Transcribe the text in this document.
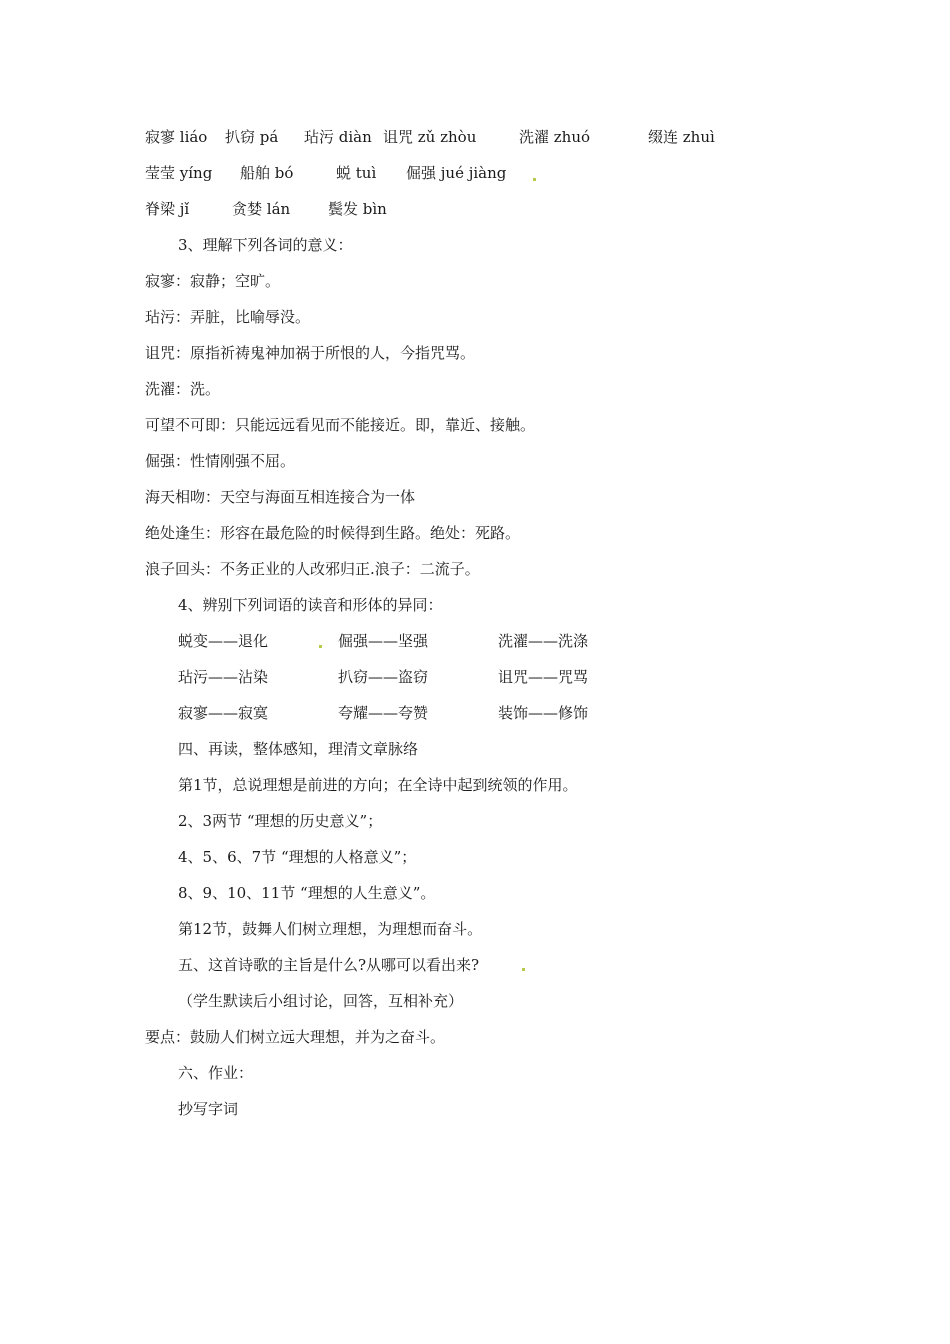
寂寥 liáo 扒窃 pá 玷污 diàn 诅咒 zǔ zhòu	洗濯 zhuó	缀连 zhuì
莹莹 yíng 船舶 bó	蜕 tuì 倔强 jué jiàng
脊梁 jǐ	贪婪 lán	鬓发 bìn
3、理解下列各词的意义：
寂寥：寂静；空旷。
玷污：弄脏，比喻辱没。
诅咒：原指祈祷鬼神加祸于所恨的人，今指咒骂。
洗濯：洗。
可望不可即：只能远远看见而不能接近。即，靠近、接触。
倔强：性情刚强不屈。
海天相吻：天空与海面互相连接合为一体
绝处逢生：形容在最危险的时候得到生路。绝处：死路。
浪子回头：不务正业的人改邪归正.浪子：二流子。
4、辨别下列词语的读音和形体的异同：
蜕变——退化	倔强——坚强	洗濯——洗涤
玷污——沾染	扒窃——盗窃	诅咒——咒骂
寂寥——寂寞	夸耀——夸赞	装饰——修饰
四、再读，整体感知，理清文章脉络
第1节，总说理想是前进的方向；在全诗中起到统领的作用。
2、3两节 “理想的历史意义”；
4、5、6、7节 “理想的人格意义”；
8、9、10、11节 “理想的人生意义”。
第12节，鼓舞人们树立理想，为理想而奋斗。
五、这首诗歌的主旨是什么?从哪可以看出来?
（学生默读后小组讨论，回答，互相补充）
要点：鼓励人们树立远大理想，并为之奋斗。
六、作业：
抄写字词
